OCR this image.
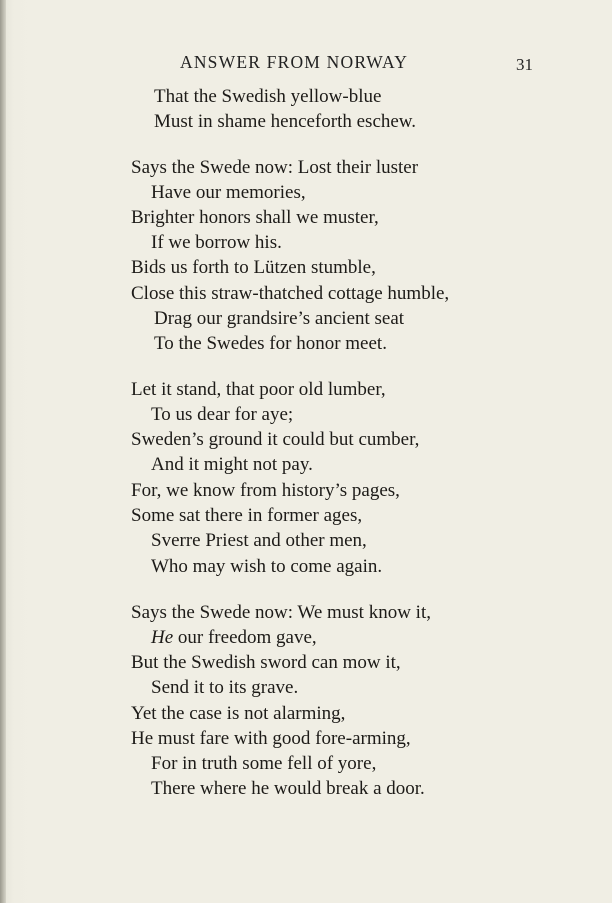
ANSWER FROM NORWAY	31
That the Swedish yellow-blue
Must in shame henceforth eschew.
Says the Swede now: Lost their luster
Have our memories,
Brighter honors shall we muster,
If we borrow his.
Bids us forth to Lützen stumble,
Close this straw-thatched cottage humble,
Drag our grandsire’s ancient seat
To the Swedes for honor meet.
Let it stand, that poor old lumber,
To us dear for aye;
Sweden’s ground it could but cumber,
And it might not pay.
For, we know from history’s pages,
Some sat there in former ages,
Sverre Priest and other men,
Who may wish to come again.
Says the Swede now: We must know it,
He our freedom gave,
But the Swedish sword can mow it,
Send it to its grave.
Yet the case is not alarming,
He must fare with good fore-arming,
For in truth some fell of yore,
There where he would break a door.
